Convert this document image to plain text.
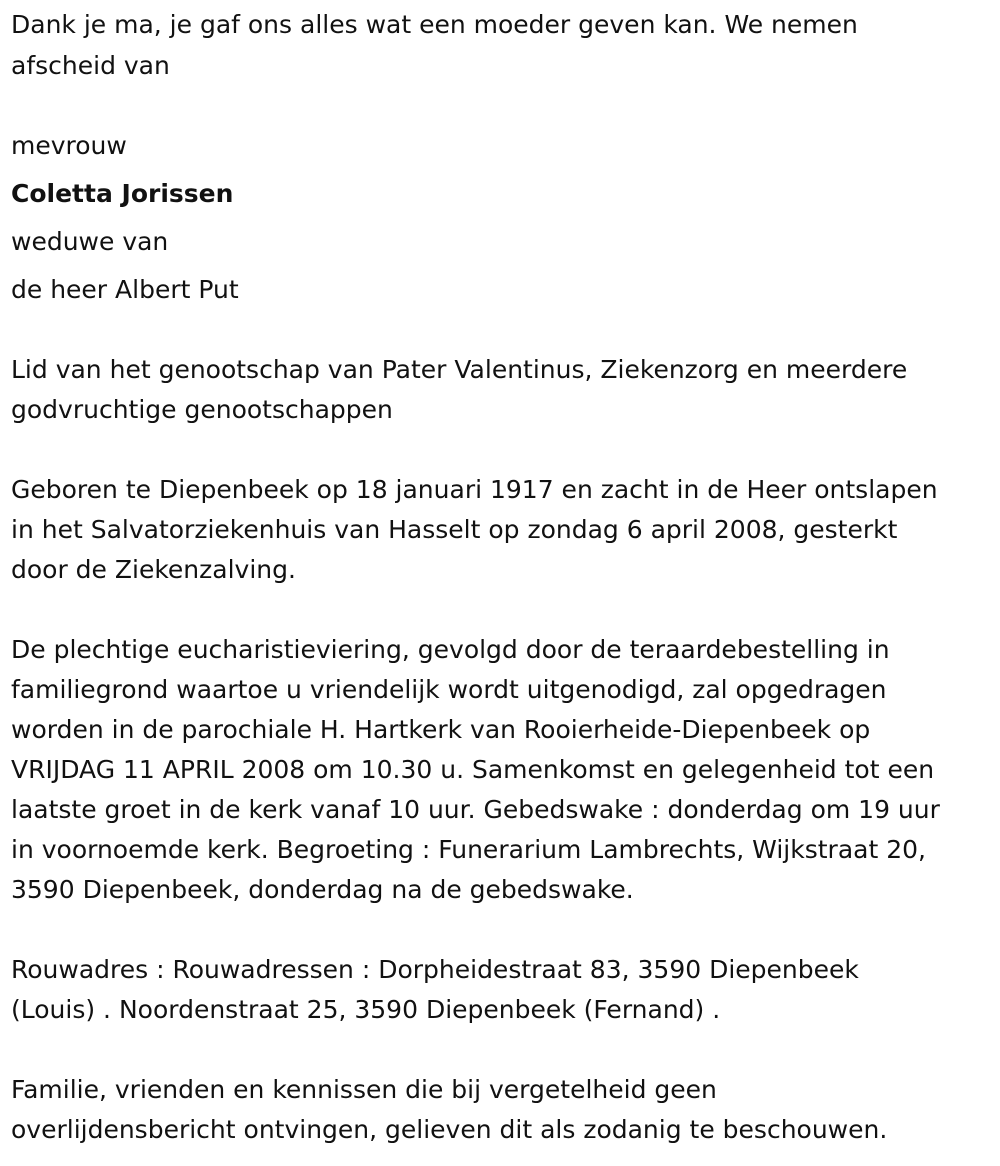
Dank je ma, je gaf ons alles wat een moeder geven kan. We nemen

afscheid van

mevrouw

Coletta Jorissen

weduwe van

de heer Albert Put

Lid van het genootschap van Pater Valentinus, Ziekenzorg en meerdere

godvruchtige genootschappen

Geboren te Diepenbeek op 18 januari 1917 en zacht in de Heer ontslapen

in het Salvatorziekenhuis van Hasselt op zondag 6 april 2008, gesterkt

door de Ziekenzalving.

De plechtige eucharistieviering, gevolgd door de teraardebestelling in

familiegrond waartoe u vriendelijk wordt uitgenodigd, zal opgedragen

worden in de parochiale H. Hartkerk van Rooierheide-Diepenbeek op

VRIJDAG 11 APRIL 2008 om 10.30 u. Samenkomst en gelegenheid tot een

laatste groet in de kerk vanaf 10 uur. Gebedswake : donderdag om 19 uur

in voornoemde kerk. Begroeting : Funerarium Lambrechts, Wijkstraat 20,

3590 Diepenbeek, donderdag na de gebedswake.

Rouwadres : Rouwadressen : Dorpheidestraat 83, 3590 Diepenbeek

(Louis) . Noordenstraat 25, 3590 Diepenbeek (Fernand) .

Familie, vrienden en kennissen die bij vergetelheid geen

overlijdensbericht ontvingen, gelieven dit als zodanig te beschouwen.
